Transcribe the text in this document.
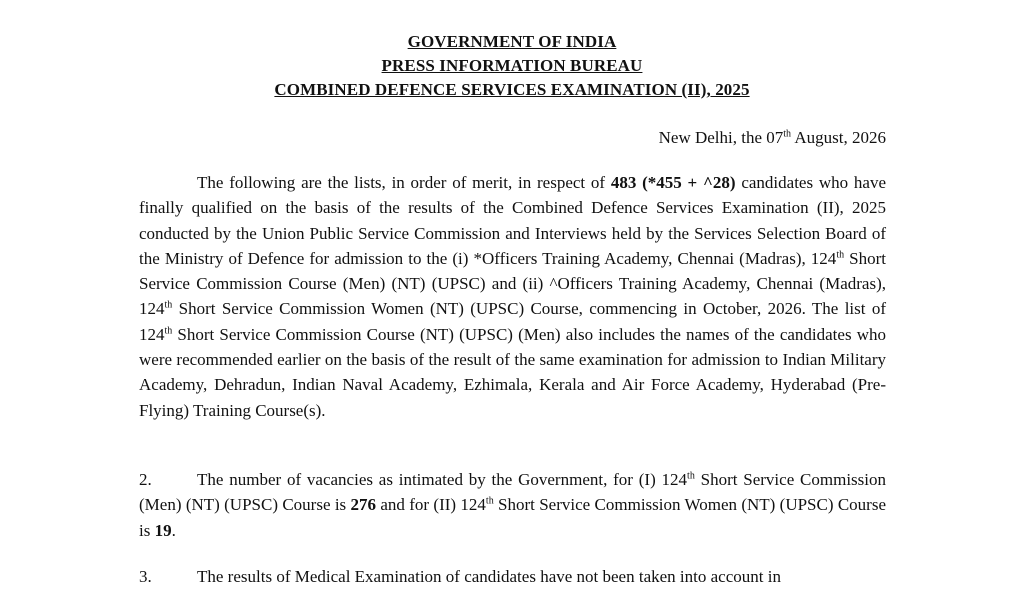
GOVERNMENT OF INDIA
PRESS INFORMATION BUREAU
COMBINED DEFENCE SERVICES EXAMINATION (II), 2025
New Delhi, the 07th August, 2026

The following are the lists, in order of merit, in respect of 483 (*455 + ^28) candidates who have finally qualified on the basis of the results of the Combined Defence Services Examination (II), 2025 conducted by the Union Public Service Commission and Interviews held by the Services Selection Board of the Ministry of Defence for admission to the (i) *Officers Training Academy, Chennai (Madras), 124th Short Service Commission Course (Men) (NT) (UPSC) and (ii) ^Officers Training Academy, Chennai (Madras), 124th Short Service Commission Women (NT) (UPSC) Course, commencing in October, 2026. The list of 124th Short Service Commission Course (NT) (UPSC) (Men) also includes the names of the candidates who were recommended earlier on the basis of the result of the same examination for admission to Indian Military Academy, Dehradun, Indian Naval Academy, Ezhimala, Kerala and Air Force Academy, Hyderabad (Pre-Flying) Training Course(s).

2.	The number of vacancies as intimated by the Government, for (I) 124th Short Service Commission (Men) (NT) (UPSC) Course is 276 and for (II) 124th Short Service Commission Women (NT) (UPSC) Course is 19.

3.	The results of Medical Examination of candidates have not been taken into account in
